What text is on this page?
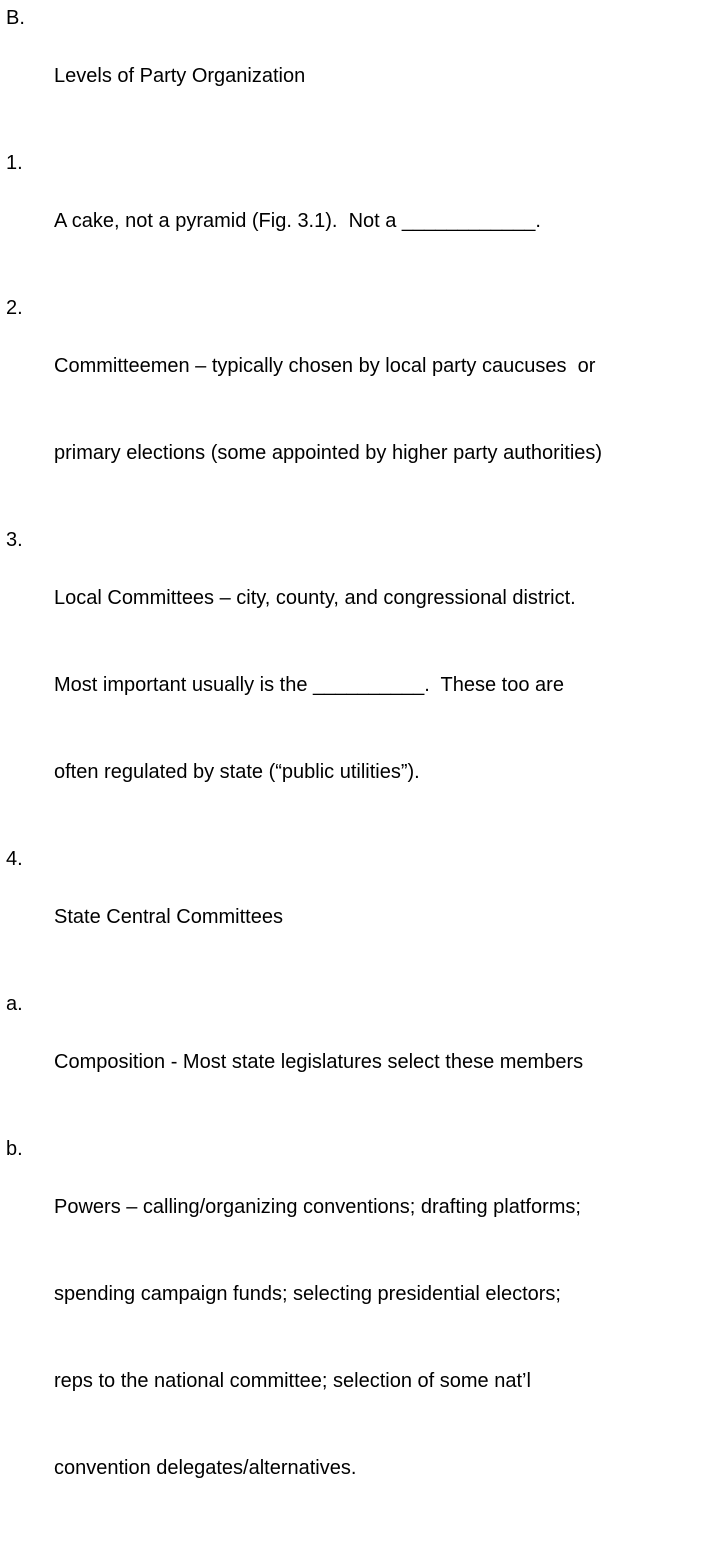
B.

Levels of Party Organization

1.

A cake, not a pyramid (Fig. 3.1).  Not a ____________.

2.

Committeemen – typically chosen by local party caucuses  or

primary elections (some appointed by higher party authorities)

3.

Local Committees – city, county, and congressional district.

Most important usually is the __________.  These too are

often regulated by state (“public utilities”).

4.

State Central Committees

a.

Composition - Most state legislatures select these members

b.

Powers – calling/organizing conventions; drafting platforms;

spending campaign funds; selecting presidential electors;

reps to the national committee; selection of some nat’l

convention delegates/alternatives.
